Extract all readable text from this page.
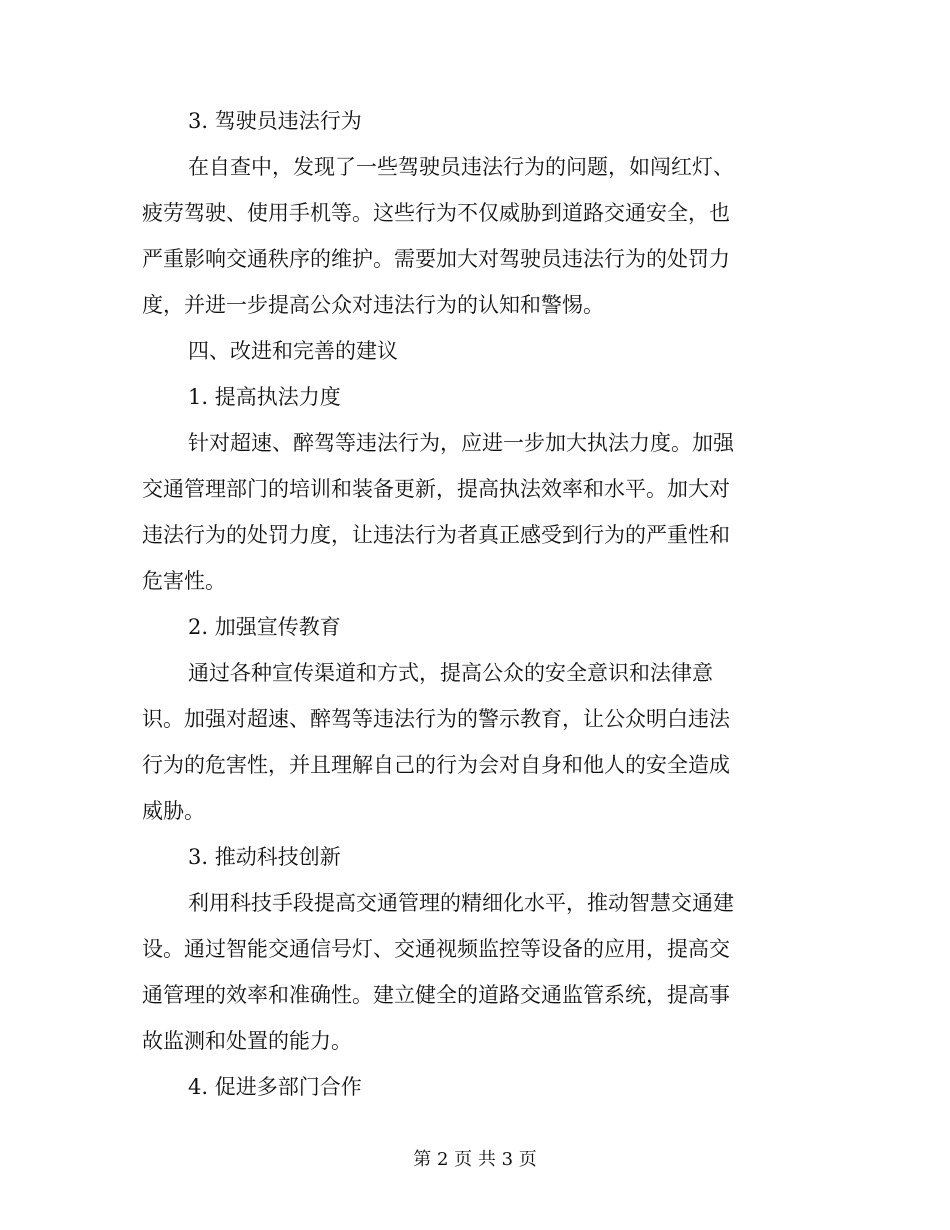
3. 驾驶员违法行为
在自查中，发现了一些驾驶员违法行为的问题，如闯红灯、
疲劳驾驶、使用手机等。这些行为不仅威胁到道路交通安全，也
严重影响交通秩序的维护。需要加大对驾驶员违法行为的处罚力
度，并进一步提高公众对违法行为的认知和警惕。
四、改进和完善的建议
1. 提高执法力度
针对超速、醉驾等违法行为，应进一步加大执法力度。加强
交通管理部门的培训和装备更新，提高执法效率和水平。加大对
违法行为的处罚力度，让违法行为者真正感受到行为的严重性和
危害性。
2. 加强宣传教育
通过各种宣传渠道和方式，提高公众的安全意识和法律意
识。加强对超速、醉驾等违法行为的警示教育，让公众明白违法
行为的危害性，并且理解自己的行为会对自身和他人的安全造成
威胁。
3. 推动科技创新
利用科技手段提高交通管理的精细化水平，推动智慧交通建
设。通过智能交通信号灯、交通视频监控等设备的应用，提高交
通管理的效率和准确性。建立健全的道路交通监管系统，提高事
故监测和处置的能力。
4. 促进多部门合作
第 2 页 共 3 页
